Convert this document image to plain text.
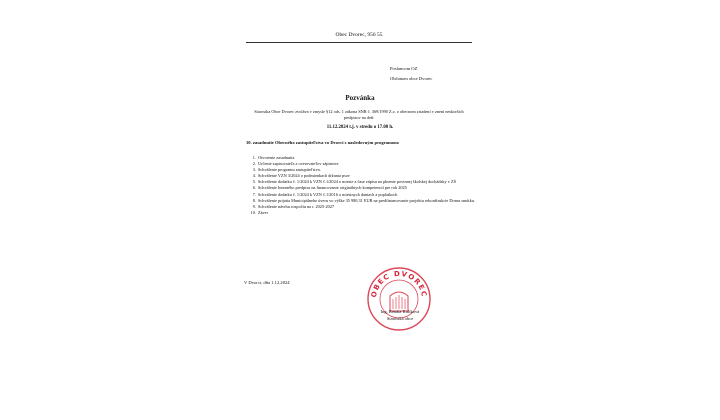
Obec Dvorec, 956 55
Poslancom OZ
Občanom obce Dvorec
Pozvánka
Starostka Obce Dvorec zvoláva v zmysle §12 ods. 1 zákona SNR č. 369/1990 Z.z. o obecnom zriadení v znení neskorších predpisov na deň:
11.12.2024 t.j. v stredu o 17.00 h.
10. zasadnutie Obecného zastupiteľstva vo Dvorci s nasledovným programom:
1. Otvorenie zasadnutia
2. Určenie zapisovateľa a overovateľov zápisnice
3. Schválenie programu zastupiteľstva.
4. Schválenie VZN 3/2024 o podmienkach držania psov
5. Schválenie dodatku č. 1/2024 k VZN č.1/2024 o mieste a čase zápisu na plnenie povinnej školskej dochádzky v ZŠ
6. Schválenie Interného predpisu na financovanie originálnych kompetencií pre rok 2025
7. Schválenie dodatku č. 1/2024 k VZN č.1/2016 o miestnych daniach a poplatkoch
8. Schválenie prijatia Municipálneho úveru vo výške 35 980,31 EUR na predfinancovanie projektu rekonštrukcie Domu smútku.
9. Schválenie návrhu rozpočtu na r. 2025-2027
10. Záver
V Dvorci, dňa 1.12.2024
OBEC DVOREC
Ing. Renáta Kulíková
Starostka obce
